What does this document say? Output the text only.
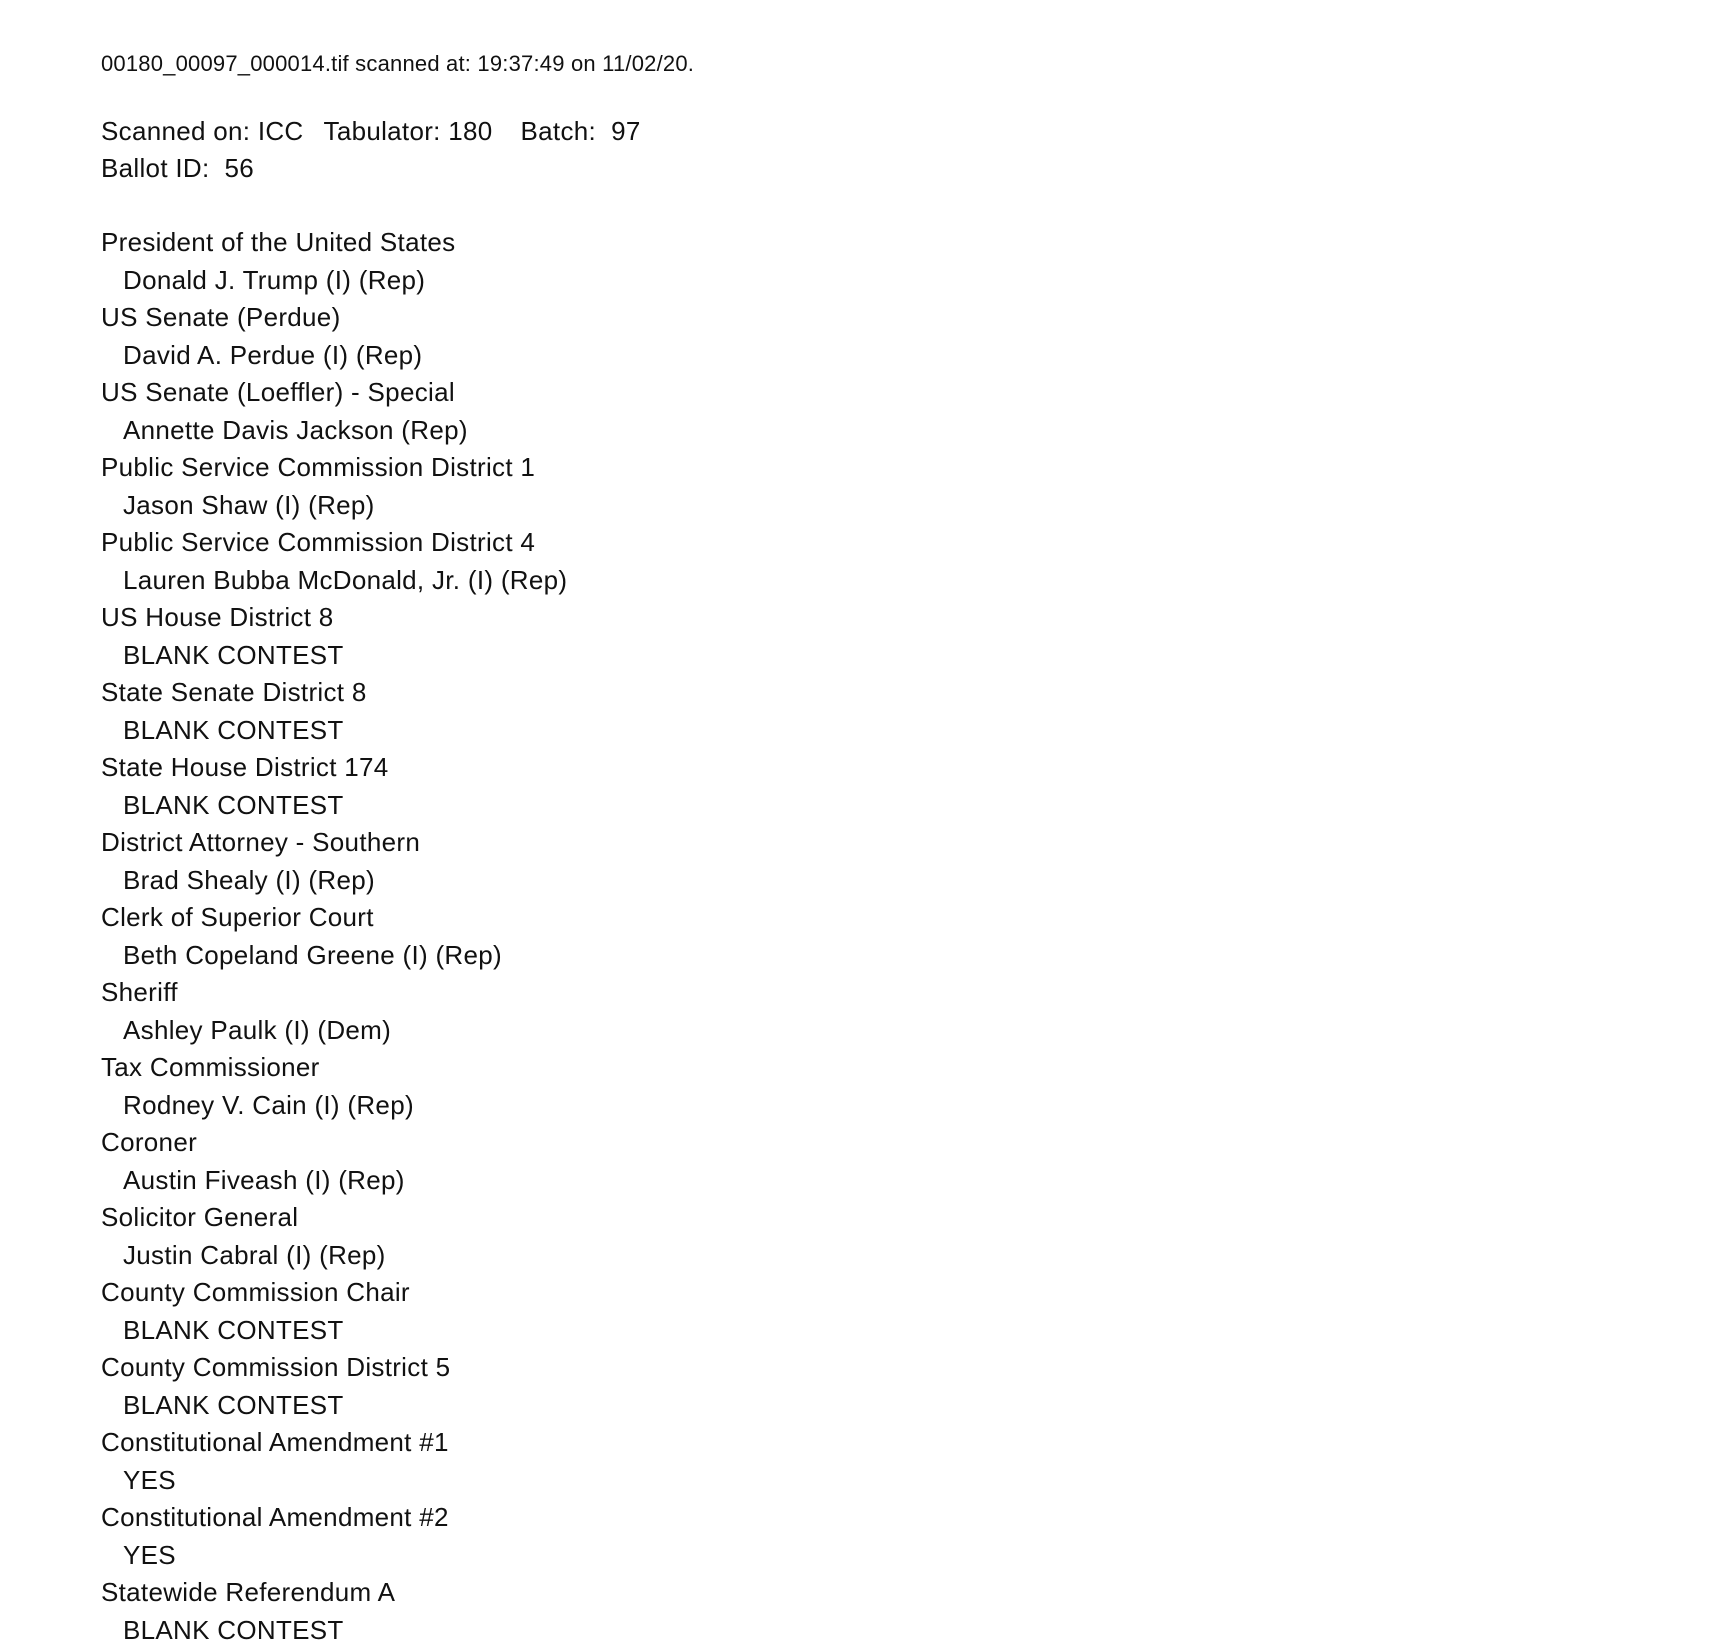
00180_00097_000014.tif scanned at: 19:37:49 on 11/02/20.
Scanned on: ICC Tabulator: 180 Batch:  97
Ballot ID:  56
President of the United States
Donald J. Trump (I) (Rep)
US Senate (Perdue)
David A. Perdue (I) (Rep)
US Senate (Loeffler) - Special
Annette Davis Jackson (Rep)
Public Service Commission District 1
Jason Shaw (I) (Rep)
Public Service Commission District 4
Lauren Bubba McDonald, Jr. (I) (Rep)
US House District 8
BLANK CONTEST
State Senate District 8
BLANK CONTEST
State House District 174
BLANK CONTEST
District Attorney - Southern
Brad Shealy (I) (Rep)
Clerk of Superior Court
Beth Copeland Greene (I) (Rep)
Sheriff
Ashley Paulk (I) (Dem)
Tax Commissioner
Rodney V. Cain (I) (Rep)
Coroner
Austin Fiveash (I) (Rep)
Solicitor General
Justin Cabral (I) (Rep)
County Commission Chair
BLANK CONTEST
County Commission District 5
BLANK CONTEST
Constitutional Amendment #1
YES
Constitutional Amendment #2
YES
Statewide Referendum A
BLANK CONTEST
